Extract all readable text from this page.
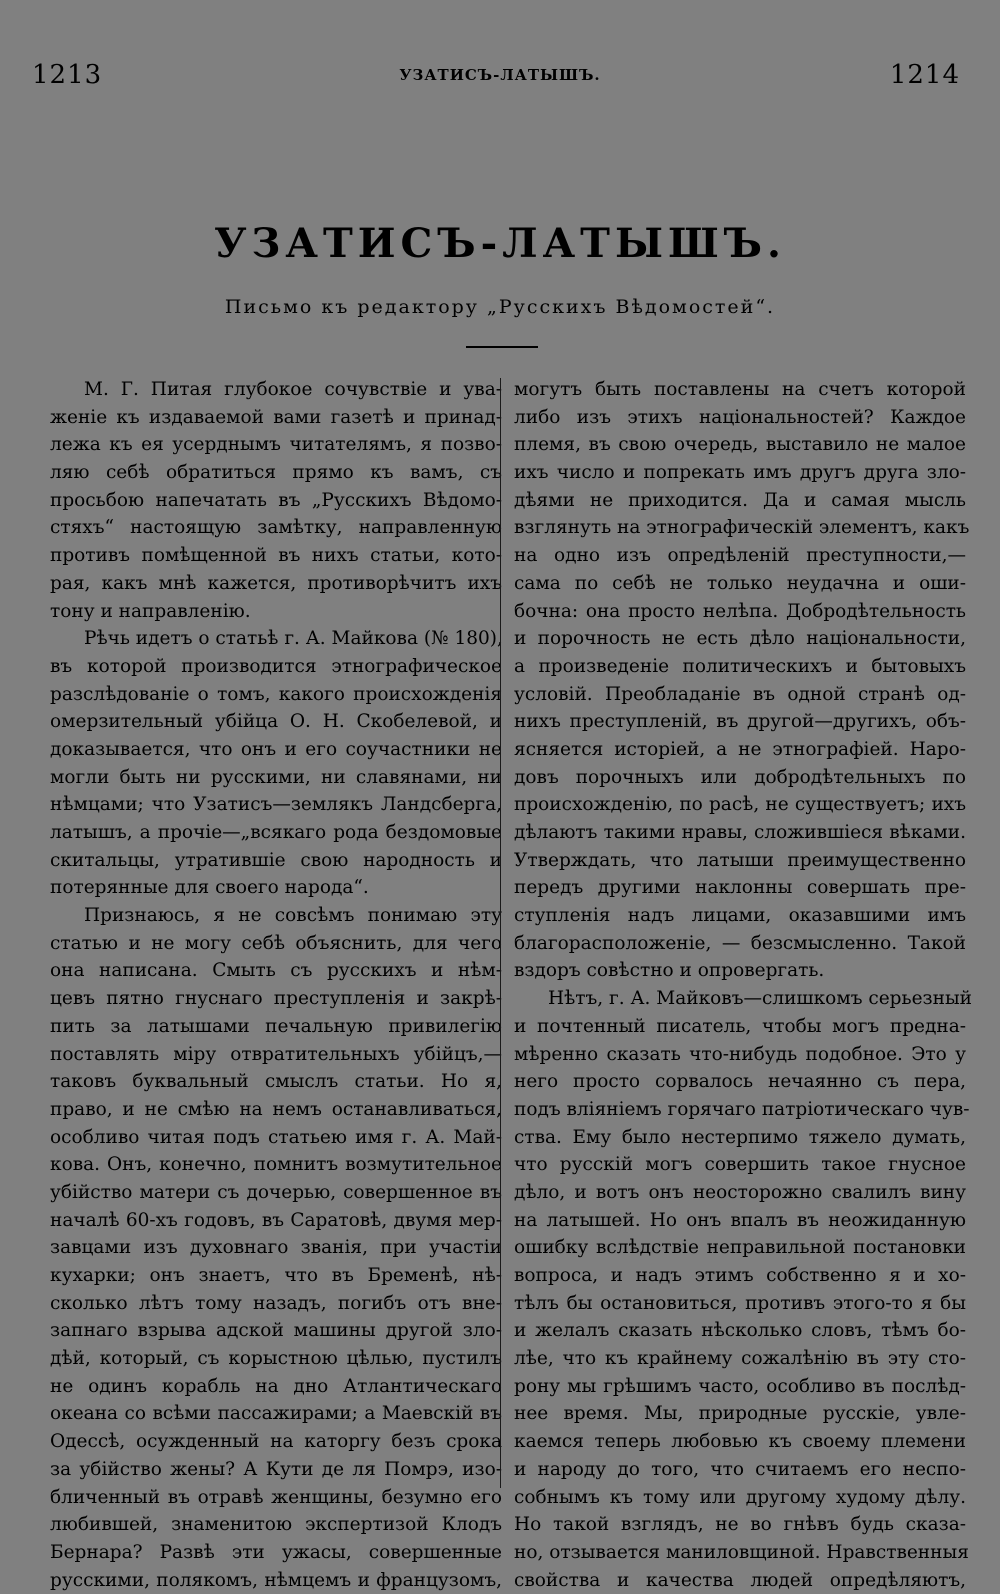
1213	УЗАТИСЪ-ЛАТЫШЪ.	1214
УЗАТИСЪ-ЛАТЫШЪ.
Письмо къ редактору „Русскихъ Вѣдомостей“.
М. Г. Питая глубокое сочувствіе и ува-
женіе къ издаваемой вами газетѣ и принад-
лежа къ ея усерднымъ читателямъ, я позво-
ляю себѣ обратиться прямо къ вамъ, съ
просьбою напечатать въ „Русскихъ Вѣдомо-
стяхъ“ настоящую замѣтку, направленную
противъ помѣщенной въ нихъ статьи, кото-
рая, какъ мнѣ кажется, противорѣчитъ ихъ
тону и направленію.
Рѣчь идетъ о статьѣ г. А. Майкова (№ 180),
въ которой производится этнографическое
разслѣдованіе о томъ, какого происхожденія
омерзительный убійца О. Н. Скобелевой, и
доказывается, что онъ и его соучастники не
могли быть ни русскими, ни славянами, ни
нѣмцами; что Узатисъ—землякъ Ландсберга,
латышъ, а прочіе—„всякаго рода бездомовые
скитальцы, утратившіе свою народность и
потерянные для своего народа“.
Признаюсь, я не совсѣмъ понимаю эту
статью и не могу себѣ объяснить, для чего
она написана. Смыть съ русскихъ и нѣм-
цевъ пятно гнуснаго преступленія и закрѣ-
пить за латышами печальную привилегію
поставлять міру отвратительныхъ убійцъ,—
таковъ буквальный смыслъ статьи. Но я,
право, и не смѣю на немъ останавливаться,
особливо читая подъ статьею имя г. А. Май-
кова. Онъ, конечно, помнитъ возмутительное
убійство матери съ дочерью, совершенное въ
началѣ 60-хъ годовъ, въ Саратовѣ, двумя мер-
завцами изъ духовнаго званія, при участіи
кухарки; онъ знаетъ, что въ Бременѣ, нѣ-
сколько лѣтъ тому назадъ, погибъ отъ вне-
запнаго взрыва адской машины другой зло-
дѣй, который, съ корыстною цѣлью, пустилъ
не одинъ корабль на дно Атлантическаго
океана со всѣми пассажирами; а Маевскій въ
Одессѣ, осужденный на каторгу безъ срока
за убійство жены? А Кути де ля Помрэ, изо-
бличенный въ отравѣ женщины, безумно его
любившей, знаменитою экспертизой Клодъ
Бернара? Развѣ эти ужасы, совершенные
русскими, полякомъ, нѣмцемъ и французомъ,
могутъ быть поставлены на счетъ которой
либо изъ этихъ національностей? Каждое
племя, въ свою очередь, выставило не малое
ихъ число и попрекать имъ другъ друга зло-
дѣями не приходится. Да и самая мысль
взглянуть на этнографическій элементъ, какъ
на одно изъ опредѣленій преступности,—
сама по себѣ не только неудачна и оши-
бочна: она просто нелѣпа. Добродѣтельность
и порочность не есть дѣло національности,
а произведеніе политическихъ и бытовыхъ
условій. Преобладаніе въ одной странѣ од-
нихъ преступленій, въ другой—другихъ, объ-
ясняется исторіей, а не этнографіей. Наро-
довъ порочныхъ или добродѣтельныхъ по
происхожденію, по расѣ, не существуетъ; ихъ
дѣлаютъ такими нравы, сложившіеся вѣками.
Утверждать, что латыши преимущественно
передъ другими наклонны совершать пре-
ступленія надъ лицами, оказавшими имъ
благорасположеніе, — безсмысленно. Такой
вздоръ совѣстно и опровергать.
Нѣтъ, г. А. Майковъ—слишкомъ серьезный
и почтенный писатель, чтобы могъ предна-
мѣренно сказать что-нибудь подобное. Это у
него просто сорвалось нечаянно съ пера,
подъ вліяніемъ горячаго патріотическаго чув-
ства. Ему было нестерпимо тяжело думать,
что русскій могъ совершить такое гнусное
дѣло, и вотъ онъ неосторожно свалилъ вину
на латышей. Но онъ впалъ въ неожиданную
ошибку вслѣдствіе неправильной постановки
вопроса, и надъ этимъ собственно я и хо-
тѣлъ бы остановиться, противъ этого-то я бы
и желалъ сказать нѣсколько словъ, тѣмъ бо-
лѣе, что къ крайнему сожалѣнію въ эту сто-
рону мы грѣшимъ часто, особливо въ послѣд-
нее время. Мы, природные русскіе, увле-
каемся теперь любовью къ своему племени
и народу до того, что считаемъ его неспо-
собнымъ къ тому или другому худому дѣлу.
Но такой взглядъ, не во гнѣвъ будь сказа-
но, отзывается маниловщиной. Нравственныя
свойства и качества людей опредѣляютъ,
